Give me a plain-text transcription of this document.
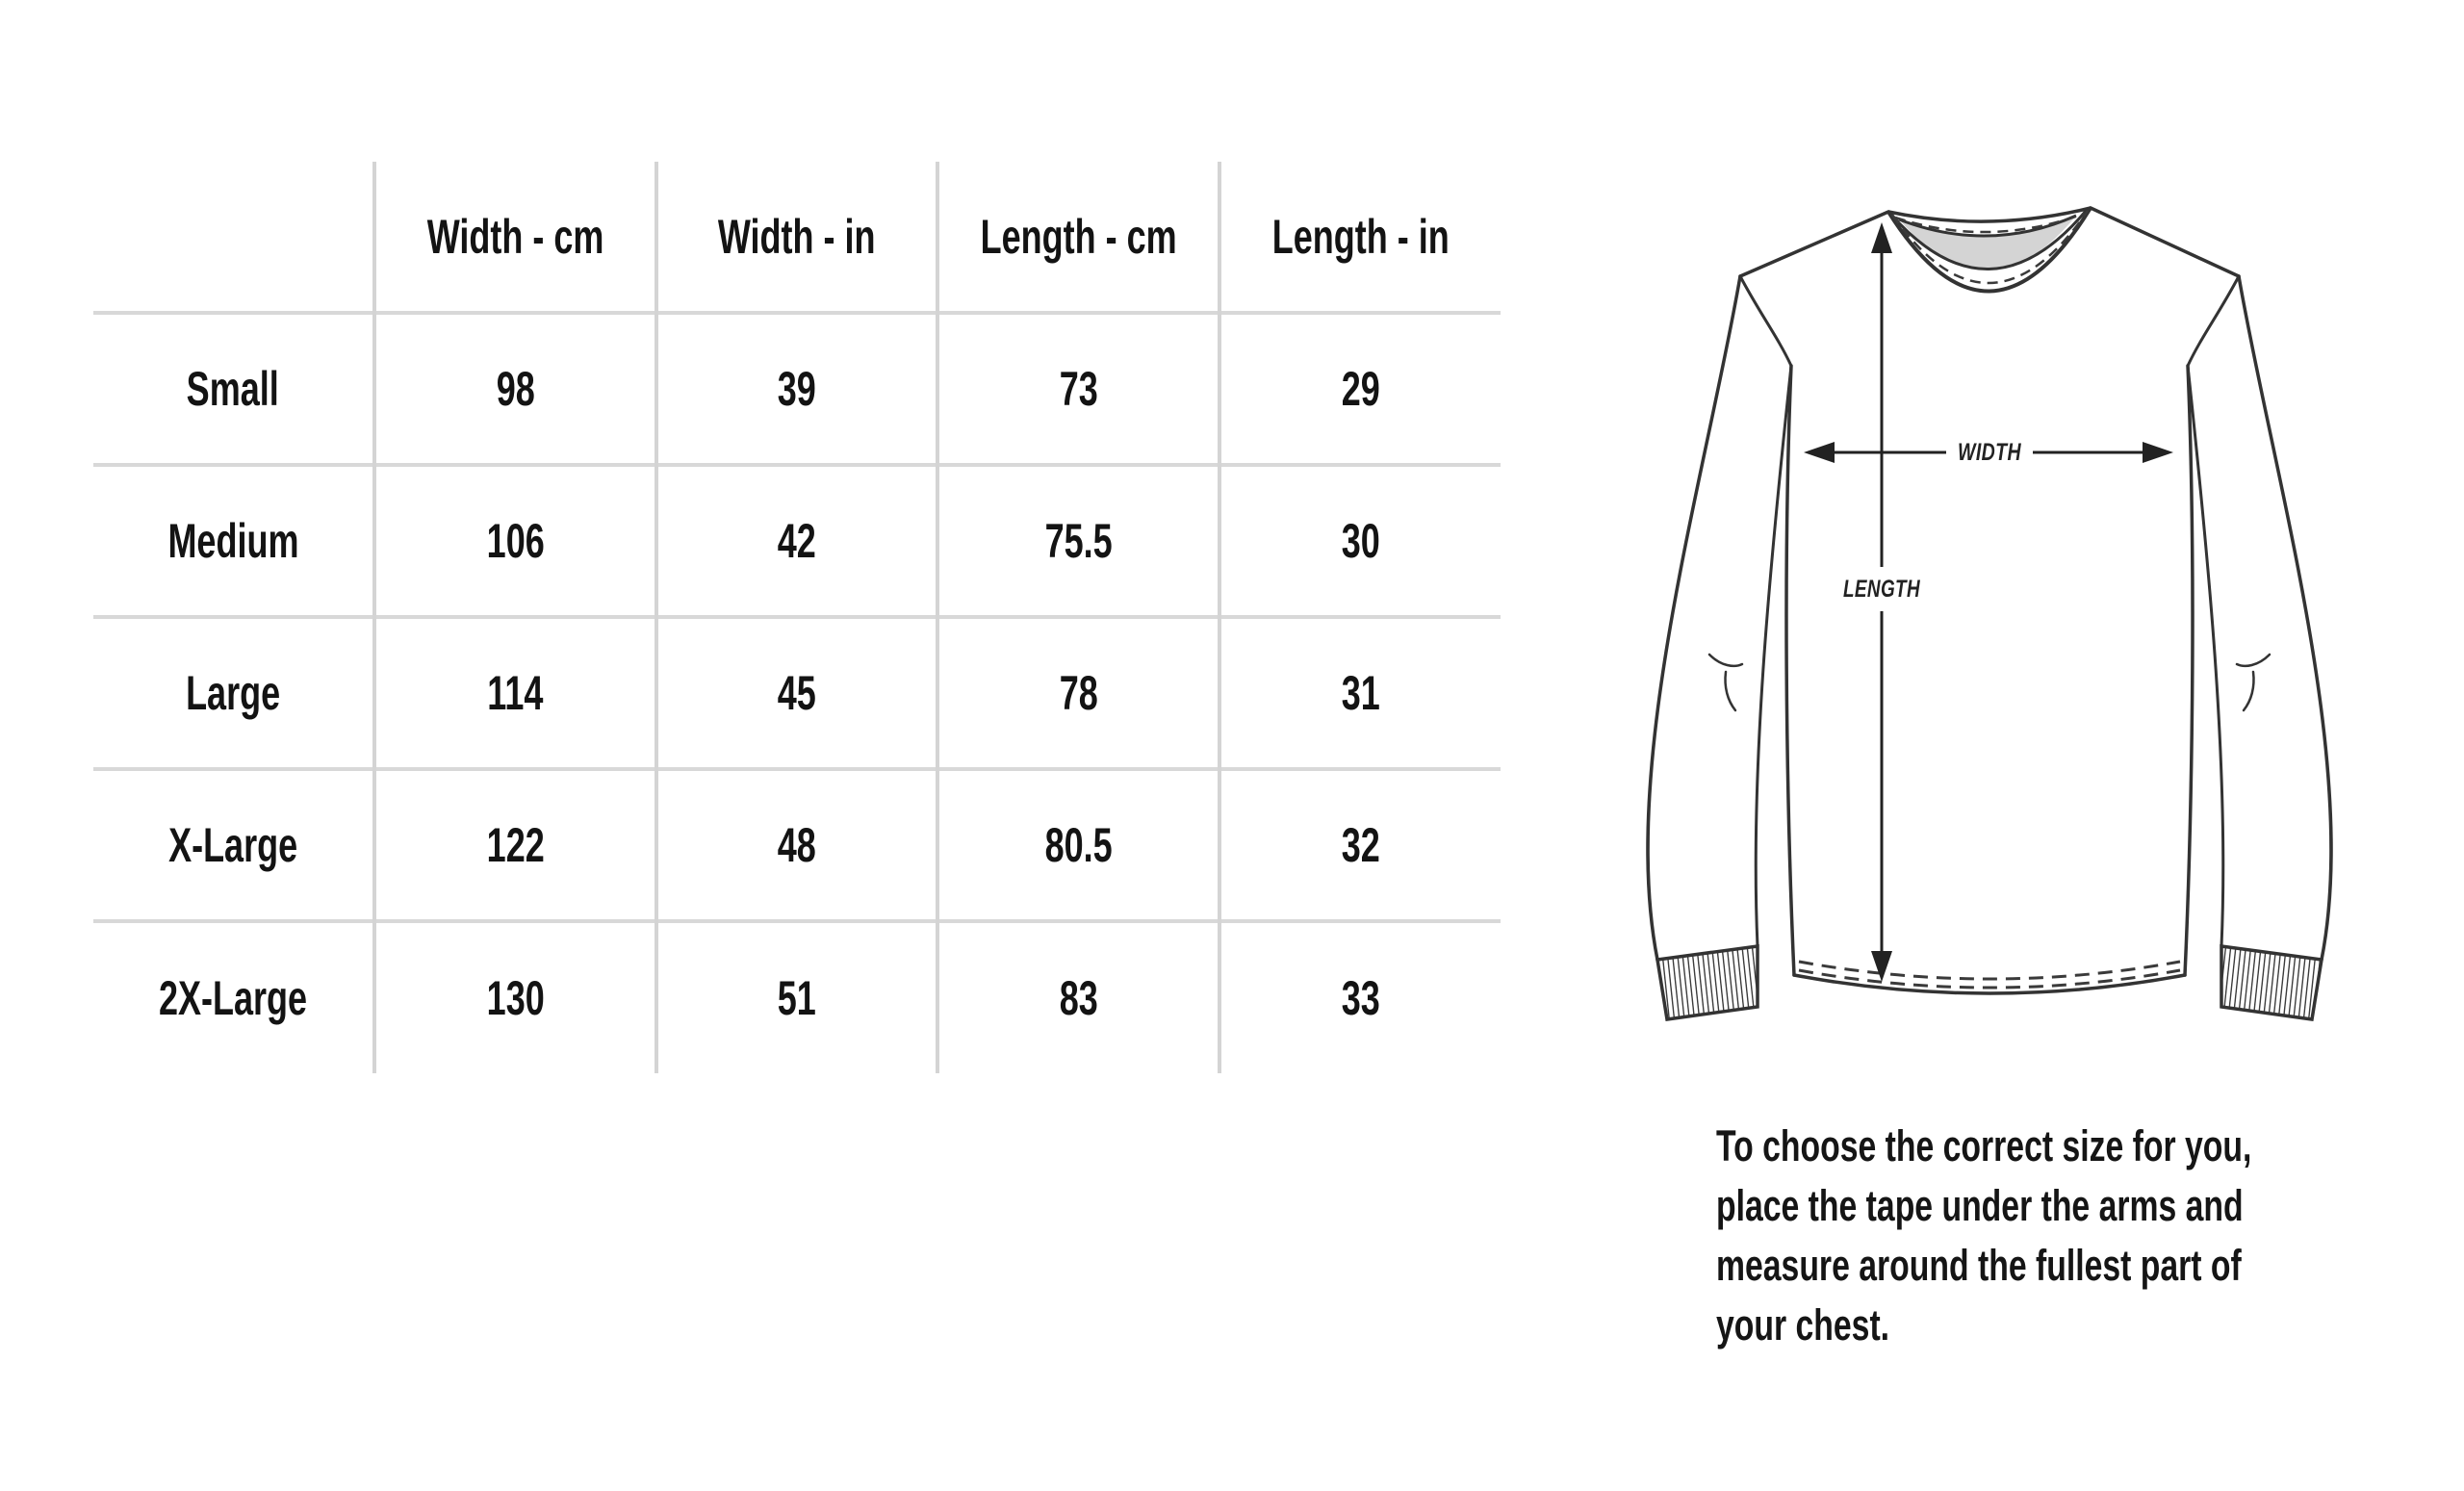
	Width - cm	Width - in	Length - cm	Length - in
Small	98	39	73	29
Medium	106	42	75.5	30
Large	114	45	78	31
X-Large	122	48	80.5	32
2X-Large	130	51	83	33
WIDTH
LENGTH
To choose the correct size for you,
place the tape under the arms and
measure around the fullest part of
your chest.
